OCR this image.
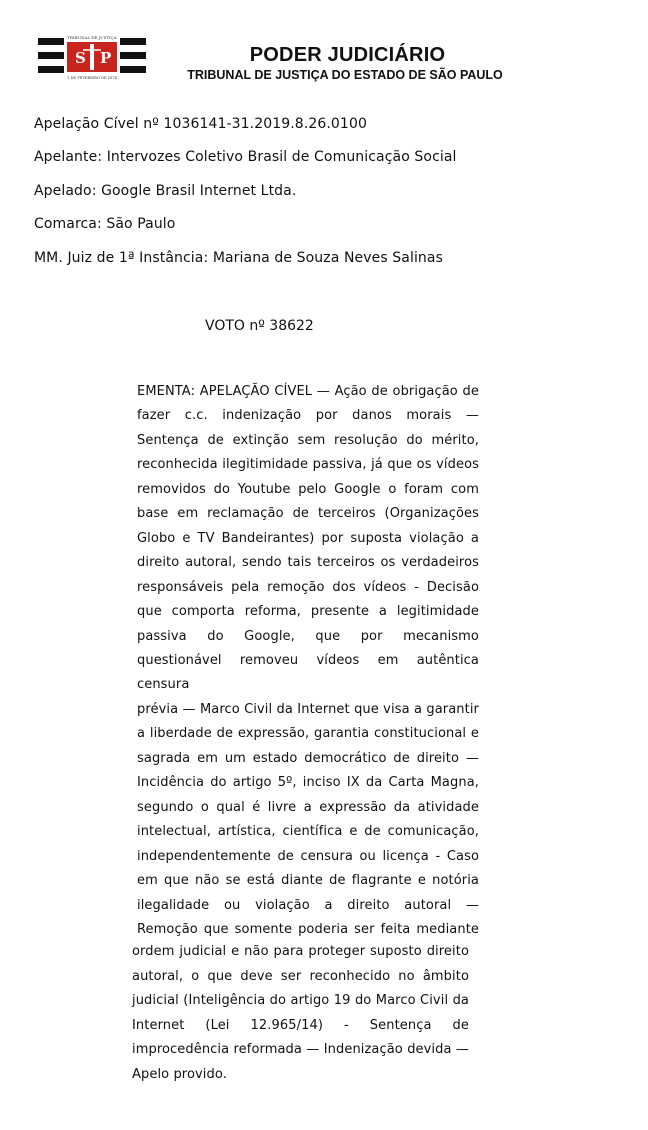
S P
TRIBUNAL DE JUSTIÇA
1 DE FEVEREIRO DE 1874
PODER JUDICIÁRIO
TRIBUNAL DE JUSTIÇA DO ESTADO DE SÃO PAULO

Apelação Cível nº 1036141-31.2019.8.26.0100

Apelante: Intervozes Coletivo Brasil de Comunicação Social

Apelado: Google Brasil Internet Ltda.

Comarca: São Paulo

MM. Juiz de 1ª Instância: Mariana de Souza Neves Salinas

VOTO nº 38622

EMENTA: APELAÇÃO CÍVEL — Ação de obrigação de
fazer c.c. indenização por danos morais —
Sentença de extinção sem resolução do mérito,
reconhecida ilegitimidade passiva, já que os vídeos
removidos do Youtube pelo Google o foram com
base em reclamação de terceiros (Organizações
Globo e TV Bandeirantes) por suposta violação a
direito autoral, sendo tais terceiros os verdadeiros
responsáveis pela remoção dos vídeos - Decisão
que comporta reforma, presente a legitimidade
passiva do Google, que por mecanismo
questionável removeu vídeos em autêntica censura
prévia — Marco Civil da Internet que visa a garantir
a liberdade de expressão, garantia constitucional e
sagrada em um estado democrático de direito —
Incidência do artigo 5º, inciso IX da Carta Magna,
segundo o qual é livre a expressão da atividade
intelectual, artística, científica e de comunicação,
independentemente de censura ou licença - Caso
em que não se está diante de flagrante e notória
ilegalidade ou violação a direito autoral —
Remoção que somente poderia ser feita mediante

ordem judicial e não para proteger suposto direito autoral, o que deve ser reconhecido no âmbito judicial (Inteligência do artigo 19 do Marco Civil da Internet (Lei 12.965/14) - Sentença de improcedência reformada — Indenização devida — Apelo provido.
